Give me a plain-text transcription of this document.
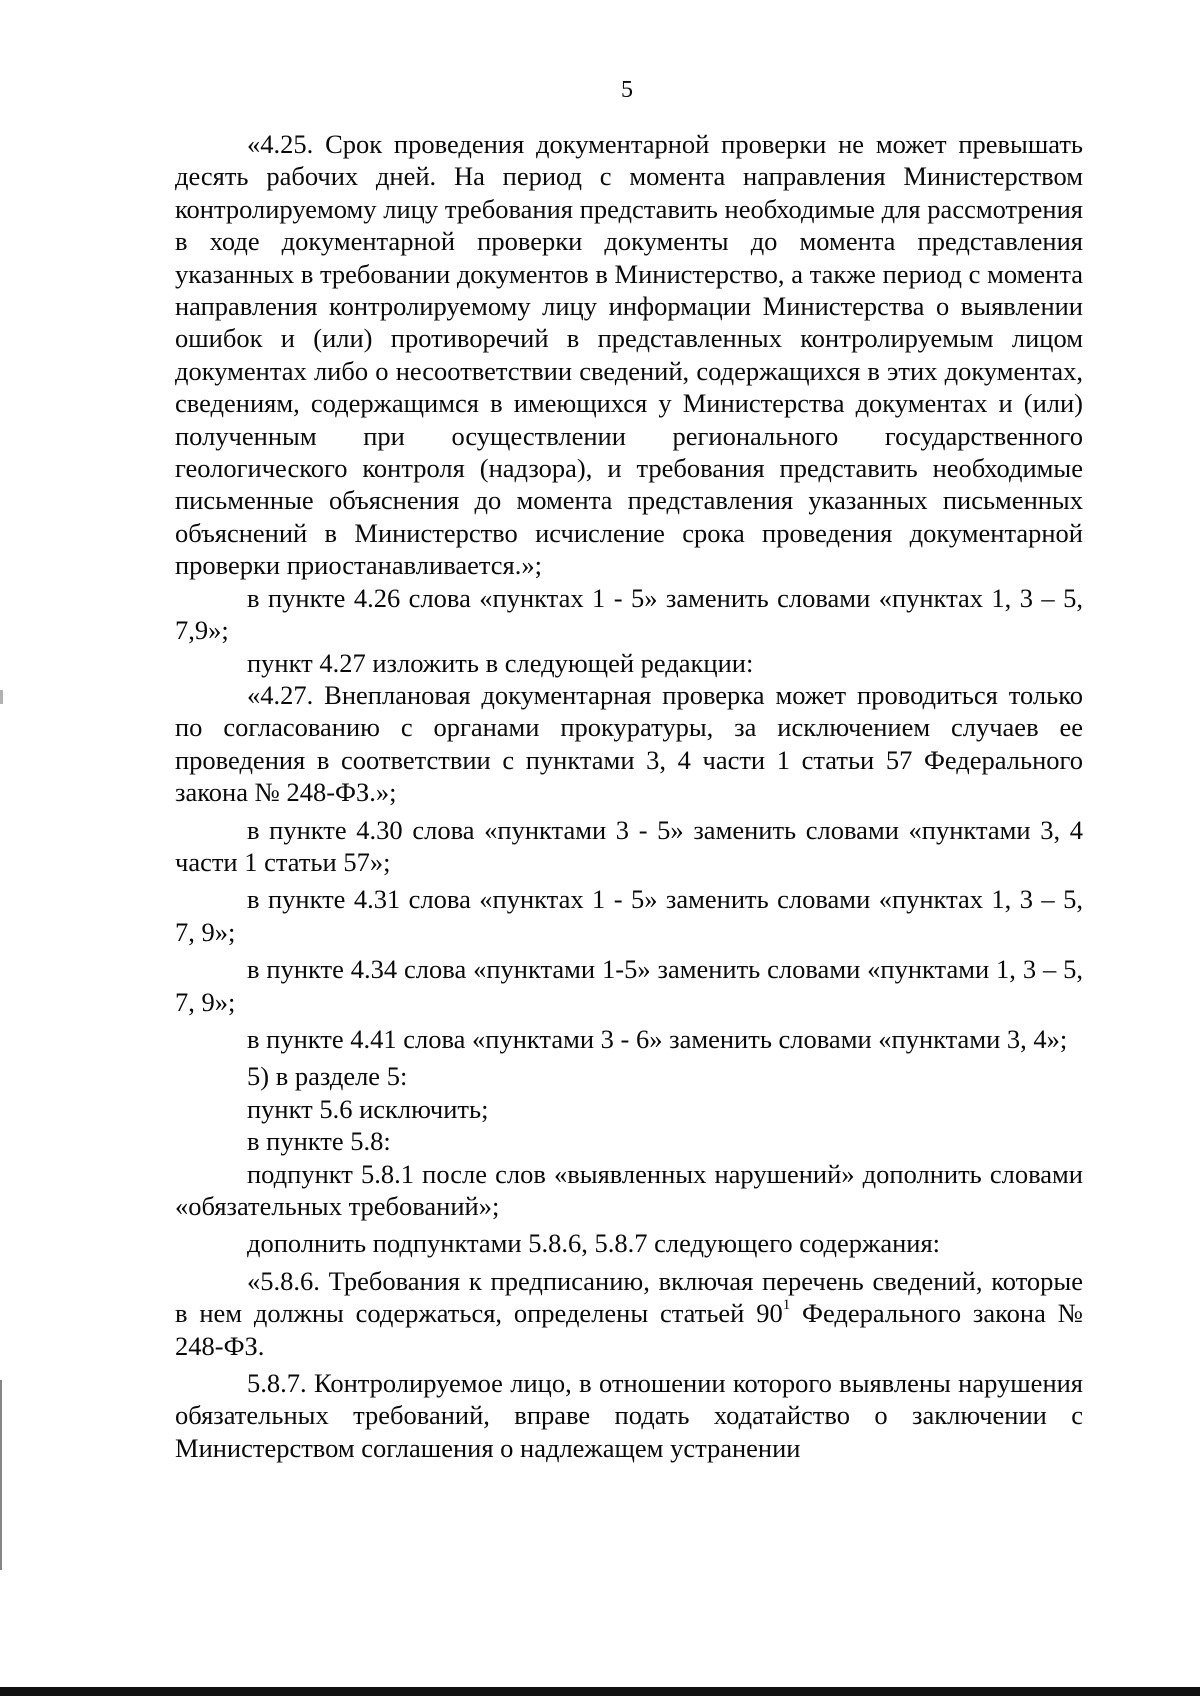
5

«4.25. Срок проведения документарной проверки не может превышать десять рабочих дней. На период с момента направления Министерством контролируемому лицу требования представить необходимые для рассмотрения в ходе документарной проверки документы до момента представления указанных в требовании документов в Министерство, а также период с момента направления контролируемому лицу информации Министерства о выявлении ошибок и (или) противоречий в представленных контролируемым лицом документах либо о несоответствии сведений, содержащихся в этих документах, сведениям, содержащимся в имеющихся у Министерства документах и (или) полученным при осуществлении регионального государственного геологического контроля (надзора), и требования представить необходимые письменные объяснения до момента представления указанных письменных объяснений в Министерство исчисление срока проведения документарной проверки приостанавливается.»;

в пункте 4.26 слова «пунктах 1 - 5» заменить словами «пунктах 1, 3 – 5, 7,9»;

пункт 4.27 изложить в следующей редакции:

«4.27. Внеплановая документарная проверка может проводиться только по согласованию с органами прокуратуры, за исключением случаев ее проведения в соответствии с пунктами 3, 4 части 1 статьи 57 Федерального закона № 248-ФЗ.»;

в пункте 4.30 слова «пунктами 3 - 5» заменить словами «пунктами 3, 4 части 1 статьи 57»;

в пункте 4.31 слова «пунктах 1 - 5» заменить словами «пунктах 1, 3 – 5, 7, 9»;

в пункте 4.34 слова «пунктами 1-5» заменить словами «пунктами 1, 3 – 5, 7, 9»;

в пункте 4.41 слова «пунктами 3 - 6» заменить словами «пунктами 3, 4»;

5) в разделе 5:

пункт 5.6 исключить;

в пункте 5.8:

подпункт 5.8.1 после слов «выявленных нарушений» дополнить словами «обязательных требований»;

дополнить подпунктами 5.8.6, 5.8.7 следующего содержания:

«5.8.6. Требования к предписанию, включая перечень сведений, которые в нем должны содержаться, определены статьей $90^1$ Федерального закона № 248-ФЗ.

5.8.7. Контролируемое лицо, в отношении которого выявлены нарушения обязательных требований, вправе подать ходатайство о заключении с Министерством соглашения о надлежащем устранении
